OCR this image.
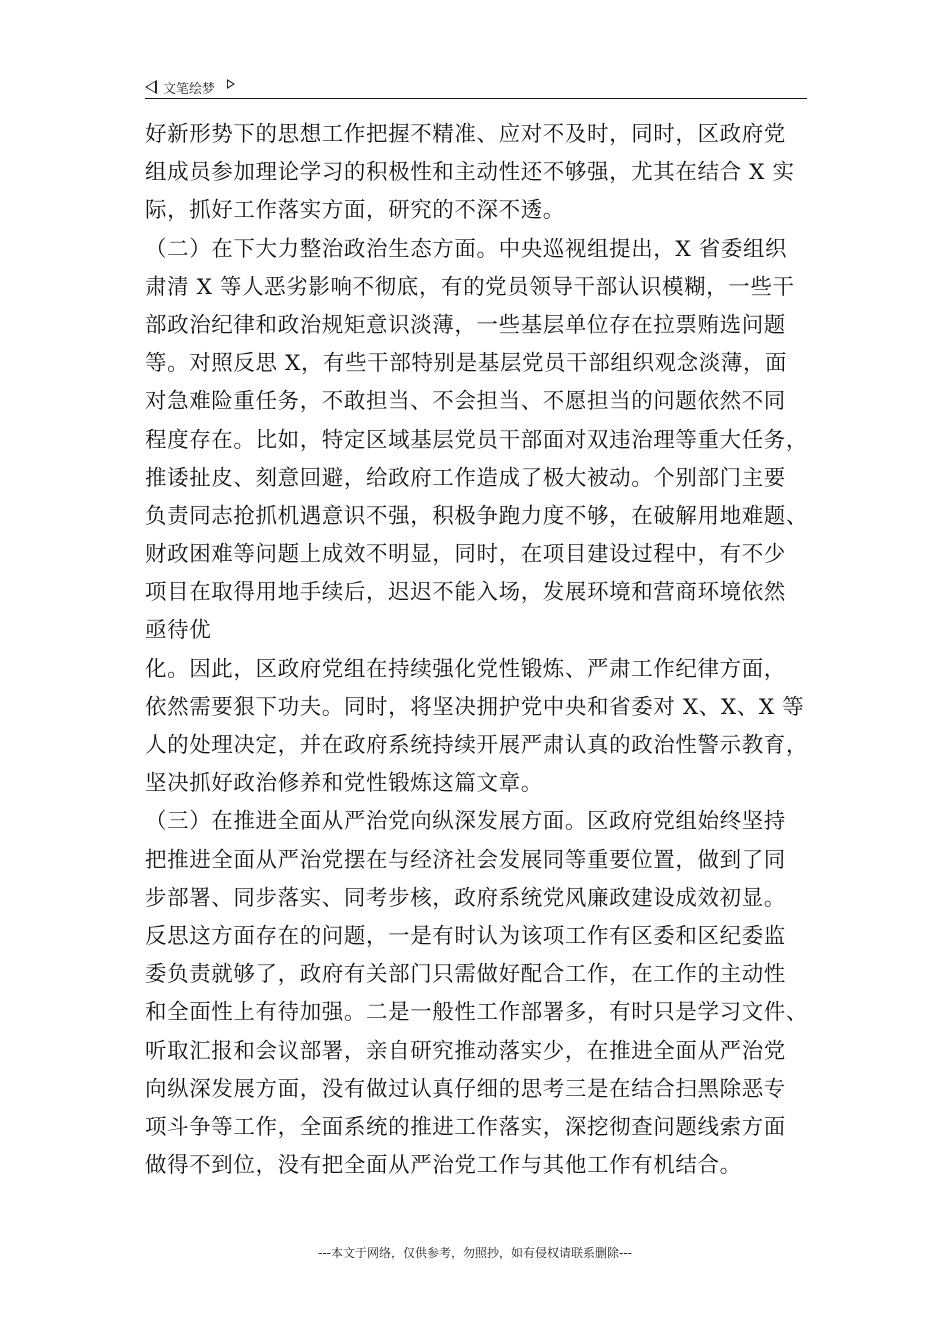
文笔绘梦
好新形势下的思想工作把握不精准、应对不及时，同时，区政府党
组成员参加理论学习的积极性和主动性还不够强，尤其在结合 X 实
际，抓好工作落实方面，研究的不深不透。
（二）在下大力整治政治生态方面。中央巡视组提出，X 省委组织
肃清 X 等人恶劣影响不彻底，有的党员领导干部认识模糊，一些干
部政治纪律和政治规矩意识淡薄，一些基层单位存在拉票贿选问题
等。对照反思 X，有些干部特别是基层党员干部组织观念淡薄，面
对急难险重任务，不敢担当、不会担当、不愿担当的问题依然不同
程度存在。比如，特定区域基层党员干部面对双违治理等重大任务，
推诿扯皮、刻意回避，给政府工作造成了极大被动。个别部门主要
负责同志抢抓机遇意识不强，积极争跑力度不够，在破解用地难题、
财政困难等问题上成效不明显，同时，在项目建设过程中，有不少
项目在取得用地手续后，迟迟不能入场，发展环境和营商环境依然
亟待优
化。因此，区政府党组在持续强化党性锻炼、严肃工作纪律方面，
依然需要狠下功夫。同时，将坚决拥护党中央和省委对 X、X、X 等
人的处理决定，并在政府系统持续开展严肃认真的政治性警示教育，
坚决抓好政治修养和党性锻炼这篇文章。
（三）在推进全面从严治党向纵深发展方面。区政府党组始终坚持
把推进全面从严治党摆在与经济社会发展同等重要位置，做到了同
步部署、同步落实、同考步核，政府系统党风廉政建设成效初显。
反思这方面存在的问题，一是有时认为该项工作有区委和区纪委监
委负责就够了，政府有关部门只需做好配合工作，在工作的主动性
和全面性上有待加强。二是一般性工作部署多，有时只是学习文件、
听取汇报和会议部署，亲自研究推动落实少，在推进全面从严治党
向纵深发展方面，没有做过认真仔细的思考三是在结合扫黑除恶专
项斗争等工作，全面系统的推进工作落实，深挖彻查问题线索方面
做得不到位，没有把全面从严治党工作与其他工作有机结合。
---本文于网络，仅供参考，勿照抄，如有侵权请联系删除---
